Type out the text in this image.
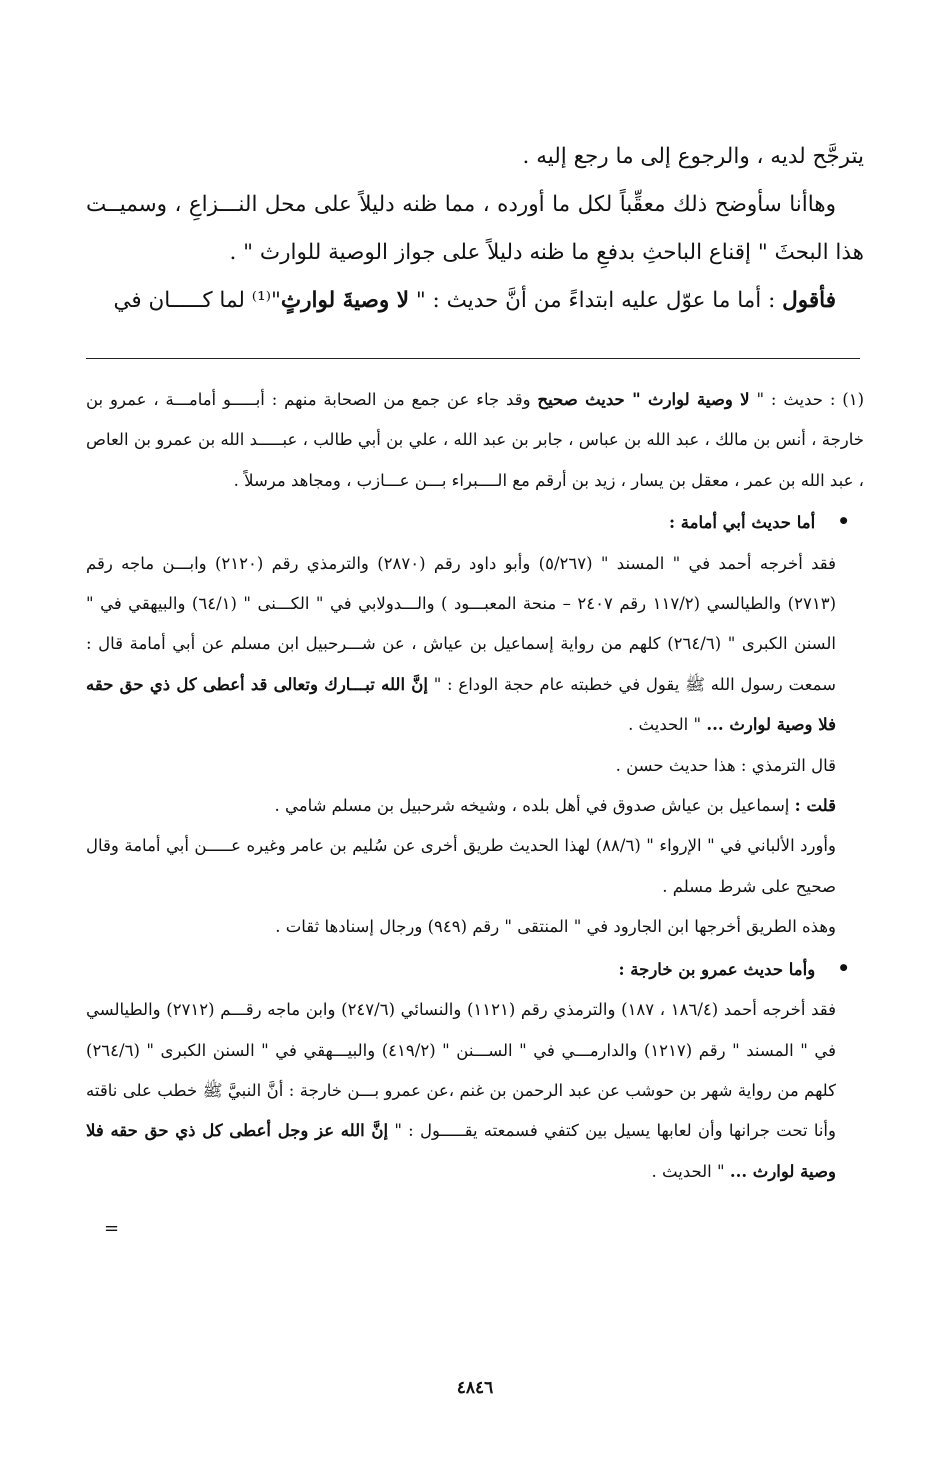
يترجَّح لديه ، والرجوع إلى ما رجع إليه .

وهاأنا سأوضح ذلك معقِّباً لكل ما أورده ، مما ظنه دليلاً على محل النـــزاعِ ، وسميــت هذا البحثَ " إقناع الباحثِ بدفعِ ما ظنه دليلاً على جواز الوصية للوارث " .

فأقول : أما ما عوّل عليه ابتداءً من أنَّ حديث : " لا وصيةَ لوارثٍ"⁽¹⁾ لما كـــــان في

(١) : حديث : " لا وصية لوارث " حديث صحيح وقد جاء عن جمع من الصحابة منهم : أبـــــو أمامـــة ، عمرو بن خارجة ، أنس بن مالك ، عبد الله بن عباس ، جابر بن عبد الله ، علي بن أبي طالب ، عبـــــد الله بن عمرو بن العاص ، عبد الله بن عمر ، معقل بن يسار ، زيد بن أرقم مع الــــبراء بـــن عـــازب ، ومجاهد مرسلاً .

•أما حديث أبي أمامة :

فقد أخرجه أحمد في " المسند " (٥/٢٦٧) وأبو داود رقم (٢٨٧٠) والترمذي رقم (٢١٢٠) وابـــن ماجه رقم (٢٧١٣) والطيالسي (١١٧/٢ رقم ٢٤٠٧ – منحة المعبـــود ) والـــدولابي في " الكـــنى " (٦٤/١) والبيهقي في " السنن الكبرى " (٢٦٤/٦) كلهم من رواية إسماعيل بن عياش ، عن شـــرحبيل ابن مسلم عن أبي أمامة قال : سمعت رسول الله ﷺ يقول في خطبته عام حجة الوداع : " إنَّ الله تبـــارك وتعالى قد أعطى كل ذي حق حقه فلا وصية لوارث ... " الحديث .

قال الترمذي : هذا حديث حسن .

قلت : إسماعيل بن عياش صدوق في أهل بلده ، وشيخه شرحبيل بن مسلم شامي .

وأورد الألباني في " الإرواء " (٨٨/٦) لهذا الحديث طريق أخرى عن سُليم بن عامر وغيره عـــــن أبي أمامة وقال صحيح على شرط مسلم .

وهذه الطريق أخرجها ابن الجارود في " المنتقى " رقم (٩٤٩) ورجال إسنادها ثقات .

•وأما حديث عمرو بن خارجة :

فقد أخرجه أحمد (١٨٦/٤ ، ١٨٧) والترمذي رقم (١١٢١) والنسائي (٢٤٧/٦) وابن ماجه رقـــم (٢٧١٢) والطيالسي في " المسند " رقم (١٢١٧) والدارمـــي في " الســـنن " (٤١٩/٢) والبيـــهقي في " السنن الكبرى " (٢٦٤/٦) كلهم من رواية شهر بن حوشب عن عبد الرحمن بن غنم ،عن عمرو بـــن خارجة : أنَّ النبيَّ ﷺ خطب على ناقته وأنا تحت جرانها وأن لعابها يسيل بين كتفي فسمعته يقـــــول : " إنَّ الله عز وجل أعطى كل ذي حق حقه فلا وصية لوارث ... " الحديث .

=
٤٨٤٦
